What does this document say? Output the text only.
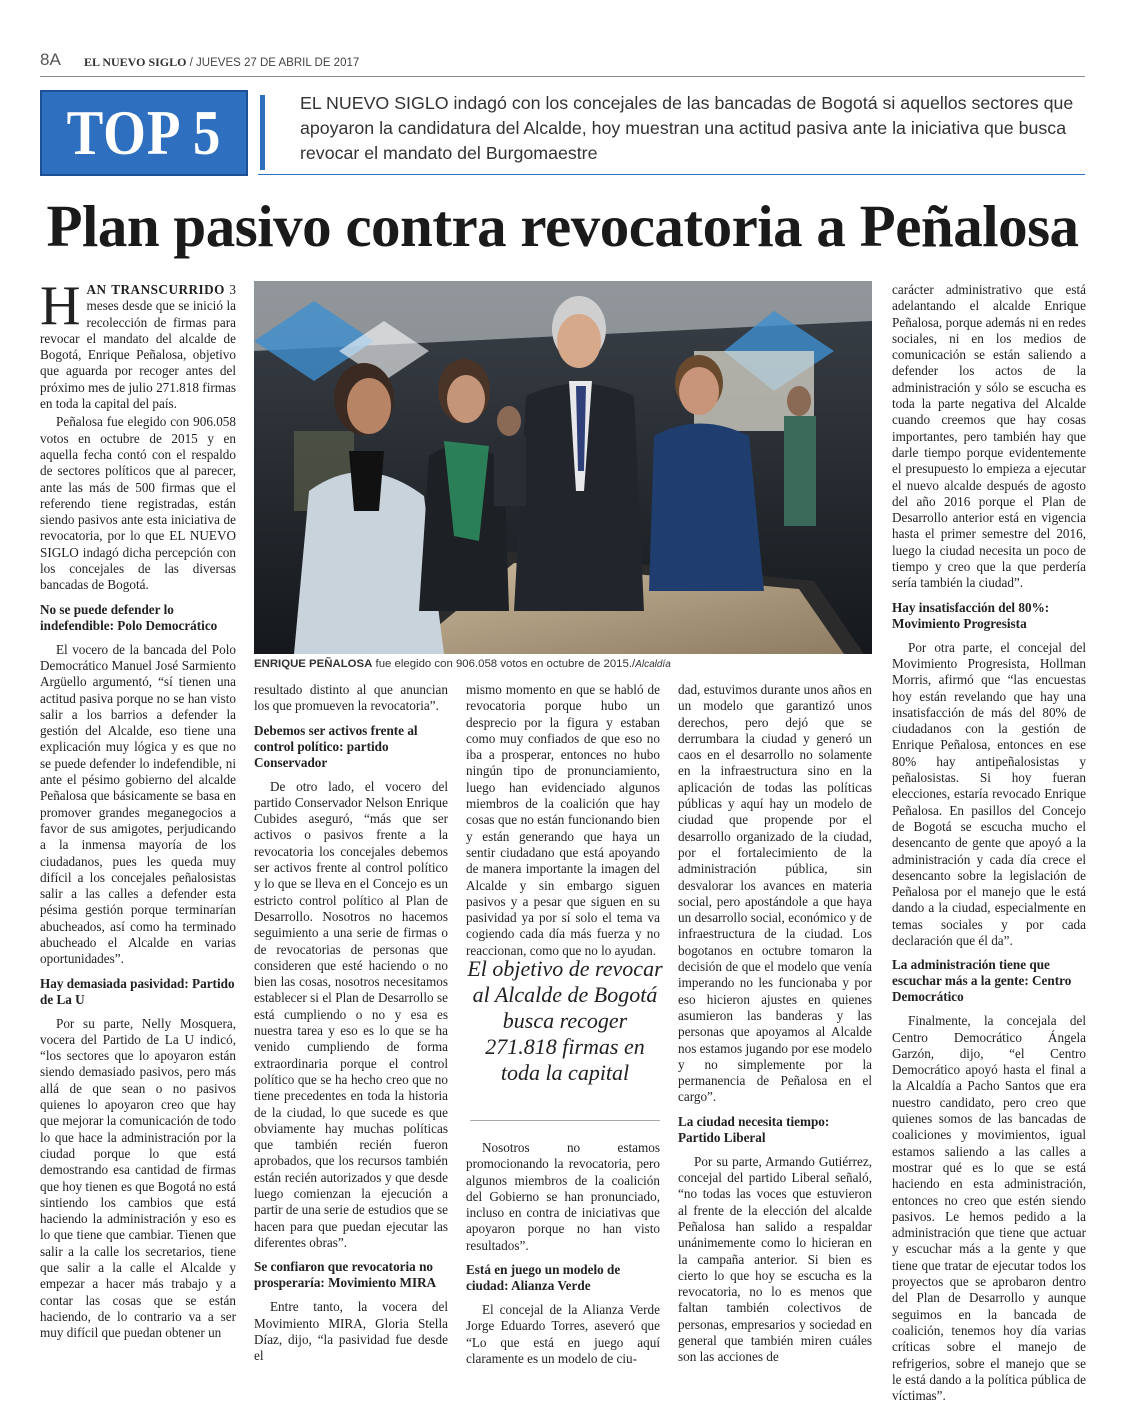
8A EL NUEVO SIGLO / JUEVES 27 DE ABRIL DE 2017
TOP 5	EL NUEVO SIGLO indagó con los concejales de las bancadas de Bogotá si aquellos sectores que apoyaron la candidatura del Alcalde, hoy muestran una actitud pasiva ante la iniciativa que busca revocar el mandato del Burgomaestre
Plan pasivo contra revocatoria a Peñalosa

HAN TRANSCURRIDO 3 meses desde que se inició la recolección de firmas para revocar el mandato del alcalde de Bogotá, Enrique Peñalosa, objetivo que aguarda por recoger antes del próximo mes de julio 271.818 firmas en toda la capital del país.

Peñalosa fue elegido con 906.058 votos en octubre de 2015 y en aquella fecha contó con el respaldo de sectores políticos que al parecer, ante las más de 500 firmas que el referendo tiene registradas, están siendo pasivos ante esta iniciativa de revocatoria, por lo que EL NUEVO SIGLO indagó dicha percepción con los concejales de las diversas bancadas de Bogotá.

No se puede defender lo indefendible: Polo Democrático

El vocero de la bancada del Polo Democrático Manuel José Sarmiento Argüello argumentó, “sí tienen una actitud pasiva porque no se han visto salir a los barrios a defender la gestión del Alcalde, eso tiene una explicación muy lógica y es que no se puede defender lo indefendible, ni ante el pésimo gobierno del alcalde Peñalosa que básicamente se basa en promover grandes meganegocios a favor de sus amigotes, perjudicando a la inmensa mayoría de los ciudadanos, pues les queda muy difícil a los concejales peñalosistas salir a las calles a defender esta pésima gestión porque terminarían abucheados, así como ha terminado abucheado el Alcalde en varias oportunidades”.

Hay demasiada pasividad: Partido de La U

Por su parte, Nelly Mosquera, vocera del Partido de La U indicó, “los sectores que lo apoyaron están siendo demasiado pasivos, pero más allá de que sean o no pasivos quienes lo apoyaron creo que hay que mejorar la comunicación de todo lo que hace la administración por la ciudad porque lo que está demostrando esa cantidad de firmas que hoy tienen es que Bogotá no está sintiendo los cambios que está haciendo la administración y eso es lo que tiene que cambiar. Tienen que salir a la calle los secretarios, tiene que salir a la calle el Alcalde y empezar a hacer más trabajo y a contar las cosas que se están haciendo, de lo contrario va a ser muy difícil que puedan obtener un

ENRIQUE PEÑALOSA fue elegido con 906.058 votos en octubre de 2015./Alcaldía

resultado distinto al que anuncian los que promueven la revocatoria”.

Debemos ser activos frente al control político: partido Conservador

De otro lado, el vocero del partido Conservador Nelson Enrique Cubides aseguró, “más que ser activos o pasivos frente a la revocatoria los concejales debemos ser activos frente al control político y lo que se lleva en el Concejo es un estricto control político al Plan de Desarrollo. Nosotros no hacemos seguimiento a una serie de firmas o de revocatorias de personas que consideren que esté haciendo o no bien las cosas, nosotros necesitamos establecer si el Plan de Desarrollo se está cumpliendo o no y esa es nuestra tarea y eso es lo que se ha venido cumpliendo de forma extraordinaria porque el control político que se ha hecho creo que no tiene precedentes en toda la historia de la ciudad, lo que sucede es que obviamente hay muchas políticas que también recién fueron aprobados, que los recursos también están recién autorizados y que desde luego comienzan la ejecución a partir de una serie de estudios que se hacen para que puedan ejecutar las diferentes obras”.

Se confiaron que revocatoria no prosperaría: Movimiento MIRA

Entre tanto, la vocera del Movimiento MIRA, Gloria Stella Díaz, dijo, “la pasividad fue desde el

mismo momento en que se habló de revocatoria porque hubo un desprecio por la figura y estaban como muy confiados de que eso no iba a prosperar, entonces no hubo ningún tipo de pronunciamiento, luego han evidenciado algunos miembros de la coalición que hay cosas que no están funcionando bien y están generando que haya un sentir ciudadano que está apoyando de manera importante la imagen del Alcalde y sin embargo siguen pasivos y a pesar que siguen en su pasividad ya por sí solo el tema va cogiendo cada día más fuerza y no reaccionan, como que no lo ayudan.

El objetivo de revocar al Alcalde de Bogotá busca recoger 271.818 firmas en toda la capital

Nosotros no estamos promocionando la revocatoria, pero algunos miembros de la coalición del Gobierno se han pronunciado, incluso en contra de iniciativas que apoyaron porque no han visto resultados”.

Está en juego un modelo de ciudad: Alianza Verde

El concejal de la Alianza Verde Jorge Eduardo Torres, aseveró que “Lo que está en juego aquí claramente es un modelo de ciu-

dad, estuvimos durante unos años en un modelo que garantizó unos derechos, pero dejó que se derrumbara la ciudad y generó un caos en el desarrollo no solamente en la infraestructura sino en la aplicación de todas las políticas públicas y aquí hay un modelo de ciudad que propende por el desarrollo organizado de la ciudad, por el fortalecimiento de la administración pública, sin desvalorar los avances en materia social, pero apostándole a que haya un desarrollo social, económico y de infraestructura de la ciudad. Los bogotanos en octubre tomaron la decisión de que el modelo que venía imperando no les funcionaba y por eso hicieron ajustes en quienes asumieron las banderas y las personas que apoyamos al Alcalde nos estamos jugando por ese modelo y no simplemente por la permanencia de Peñalosa en el cargo”.

La ciudad necesita tiempo: Partido Liberal

Por su parte, Armando Gutiérrez, concejal del partido Liberal señaló, “no todas las voces que estuvieron al frente de la elección del alcalde Peñalosa han salido a respaldar unánimemente como lo hicieran en la campaña anterior. Si bien es cierto lo que hoy se escucha es la revocatoria, no lo es menos que faltan también colectivos de personas, empresarios y sociedad en general que también miren cuáles son las acciones de

carácter administrativo que está adelantando el alcalde Enrique Peñalosa, porque además ni en redes sociales, ni en los medios de comunicación se están saliendo a defender los actos de la administración y sólo se escucha es toda la parte negativa del Alcalde cuando creemos que hay cosas importantes, pero también hay que darle tiempo porque evidentemente el presupuesto lo empieza a ejecutar el nuevo alcalde después de agosto del año 2016 porque el Plan de Desarrollo anterior está en vigencia hasta el primer semestre del 2016, luego la ciudad necesita un poco de tiempo y creo que la que perdería sería también la ciudad”.

Hay insatisfacción del 80%: Movimiento Progresista

Por otra parte, el concejal del Movimiento Progresista, Hollman Morris, afirmó que “las encuestas hoy están revelando que hay una insatisfacción de más del 80% de ciudadanos con la gestión de Enrique Peñalosa, entonces en ese 80% hay antipeñalosistas y peñalosistas. Si hoy fueran elecciones, estaría revocado Enrique Peñalosa. En pasillos del Concejo de Bogotá se escucha mucho el desencanto de gente que apoyó a la administración y cada día crece el desencanto sobre la legislación de Peñalosa por el manejo que le está dando a la ciudad, especialmente en temas sociales y por cada declaración que él da”.

La administración tiene que escuchar más a la gente: Centro Democrático

Finalmente, la concejala del Centro Democrático Ángela Garzón, dijo, “el Centro Democrático apoyó hasta el final a la Alcaldía a Pacho Santos que era nuestro candidato, pero creo que quienes somos de las bancadas de coaliciones y movimientos, igual estamos saliendo a las calles a mostrar qué es lo que se está haciendo en esta administración, entonces no creo que estén siendo pasivos. Le hemos pedido a la administración que tiene que actuar y escuchar más a la gente y que tiene que tratar de ejecutar todos los proyectos que se aprobaron dentro del Plan de Desarrollo y aunque seguimos en la bancada de coalición, tenemos hoy día varias críticas sobre el manejo de refrigerios, sobre el manejo que se le está dando a la política pública de víctimas”.
